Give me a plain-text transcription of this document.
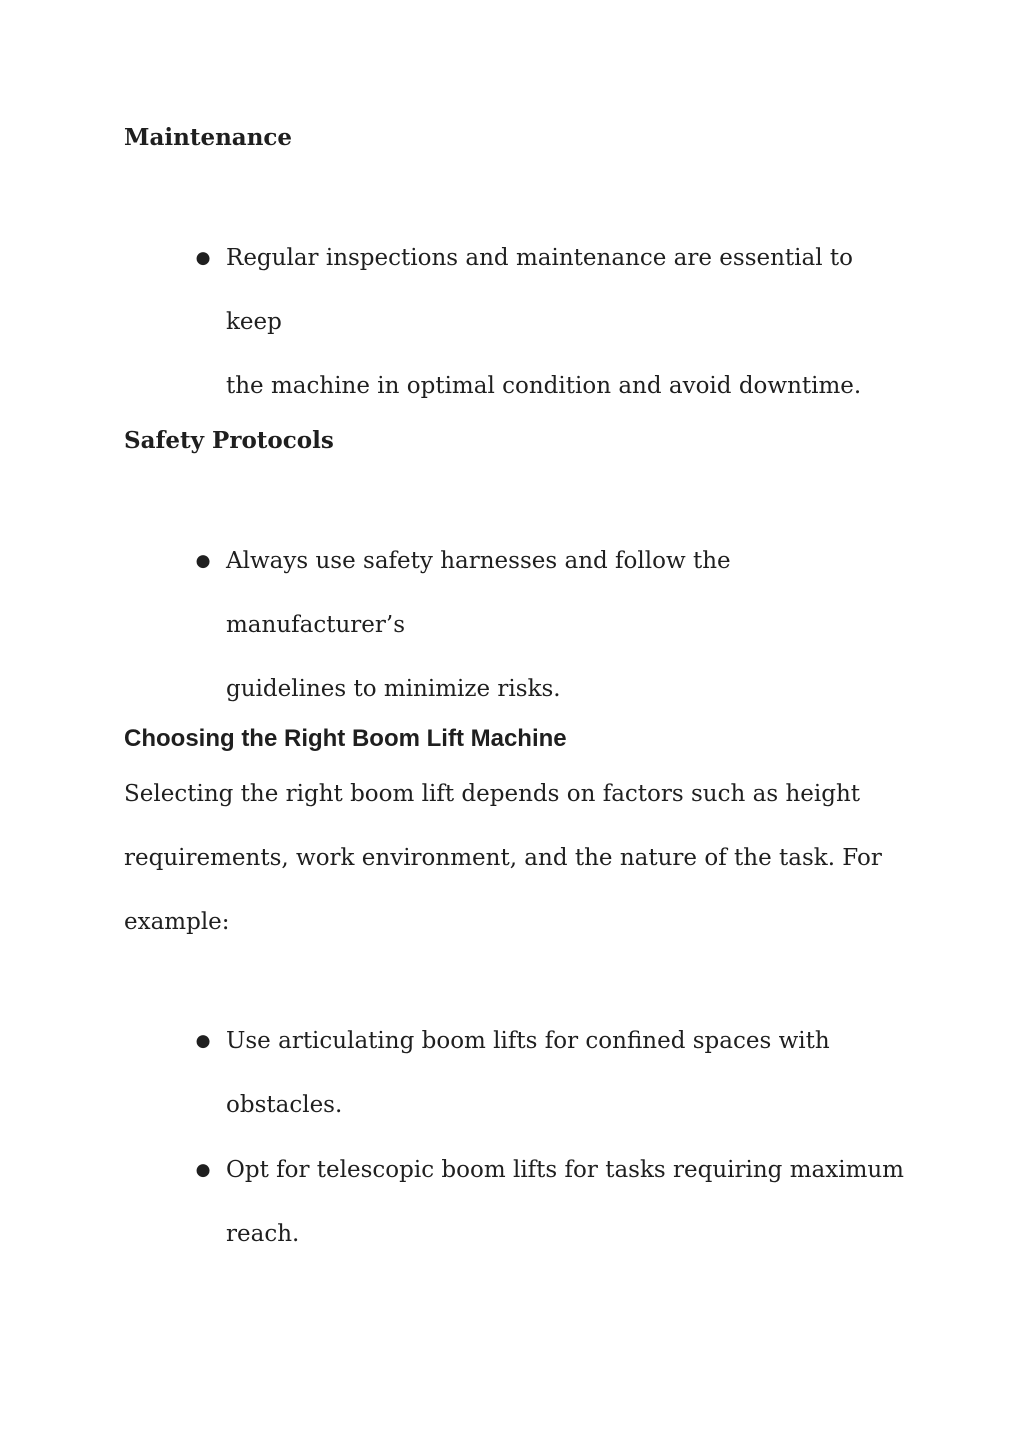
Maintenance
● Regular inspections and maintenance are essential to keep
the machine in optimal condition and avoid downtime.
Safety Protocols
● Always use safety harnesses and follow the manufacturer’s
guidelines to minimize risks.
Choosing the Right Boom Lift Machine
Selecting the right boom lift depends on factors such as height
requirements, work environment, and the nature of the task. For
example:
● Use articulating boom lifts for confined spaces with
obstacles.
● Opt for telescopic boom lifts for tasks requiring maximum
reach.
